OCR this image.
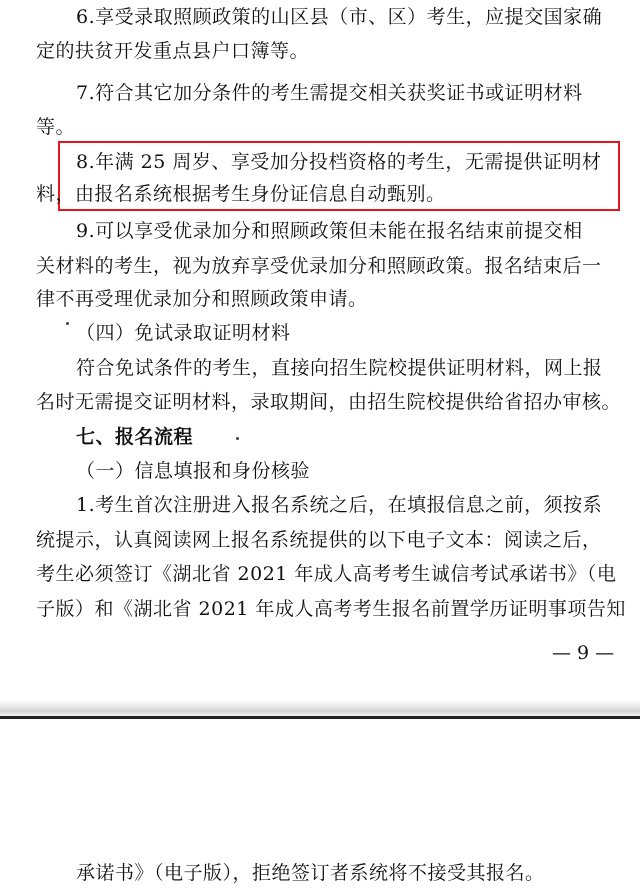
6.享受录取照顾政策的山区县（市、区）考生，应提交国家确
定的扶贫开发重点县户口簿等。
7.符合其它加分条件的考生需提交相关获奖证书或证明材料
等。
8.年满 25 周岁、享受加分投档资格的考生，无需提供证明材
料，由报名系统根据考生身份证信息自动甄别。
9.可以享受优录加分和照顾政策但未能在报名结束前提交相
关材料的考生，视为放弃享受优录加分和照顾政策。报名结束后一
律不再受理优录加分和照顾政策申请。
（四）免试录取证明材料
符合免试条件的考生，直接向招生院校提供证明材料，网上报
名时无需提交证明材料，录取期间，由招生院校提供给省招办审核。
七、报名流程
（一）信息填报和身份核验
1.考生首次注册进入报名系统之后，在填报信息之前，须按系
统提示，认真阅读网上报名系统提供的以下电子文本：阅读之后，
考生必须签订《湖北省 2021 年成人高考考生诚信考试承诺书》（电
子版）和《湖北省 2021 年成人高考考生报名前置学历证明事项告知
— 9 —
承诺书》（电子版），拒绝签订者系统将不接受其报名。
